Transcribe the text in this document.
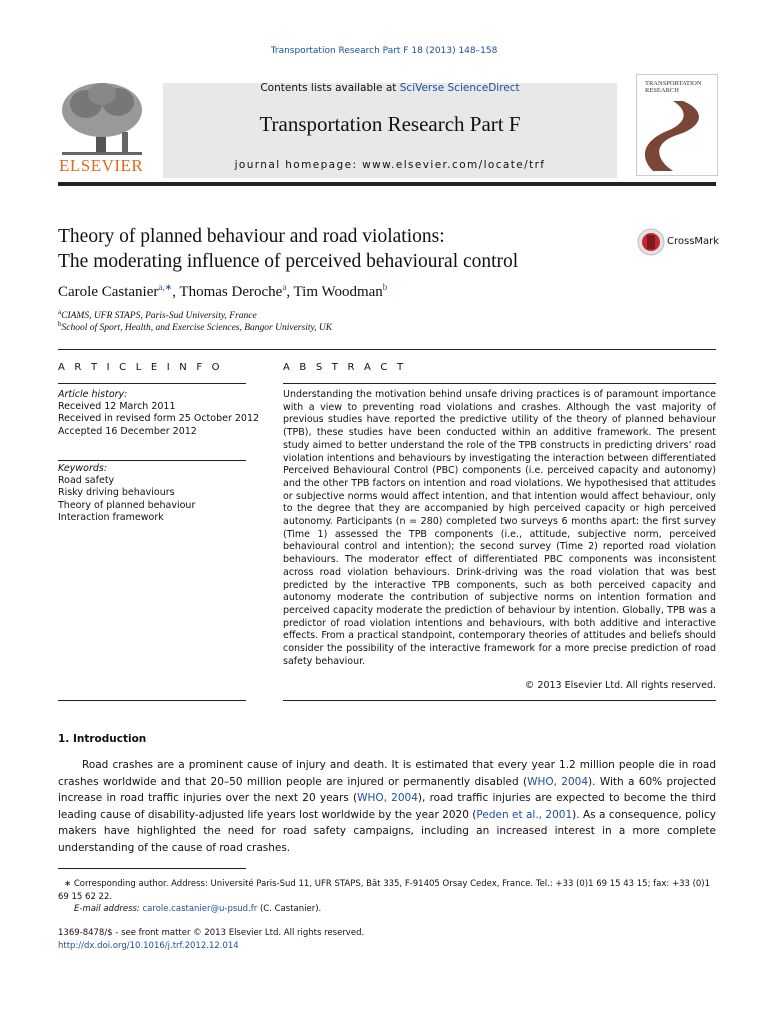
Transportation Research Part F 18 (2013) 148–158
ELSEVIER
Contents lists available at SciVerse ScienceDirect
Transportation Research Part F
journal homepage: www.elsevier.com/locate/trf
TRANSPORTATION RESEARCH
Theory of planned behaviour and road violations:
The moderating influence of perceived behavioural control
CrossMark
Carole Castanier$^{a,∗}$, Thomas Deroche$^a$, Tim Woodman$^b$
$^a$CIAMS, UFR STAPS, Paris-Sud University, France
$^b$School of Sport, Health, and Exercise Sciences, Bangor University, UK
A R T I C L E I N F O
Article history:
Received 12 March 2011
Received in revised form 25 October 2012
Accepted 16 December 2012
Keywords:
Road safety
Risky driving behaviours
Theory of planned behaviour
Interaction framework
A B S T R A C T
Understanding the motivation behind unsafe driving practices is of paramount importance with a view to preventing road violations and crashes. Although the vast majority of previous studies have reported the predictive utility of the theory of planned behaviour (TPB), these studies have been conducted within an additive framework. The present study aimed to better understand the role of the TPB constructs in predicting drivers’ road violation intentions and behaviours by investigating the interaction between differentiated Perceived Behavioural Control (PBC) components (i.e. perceived capacity and autonomy) and the other TPB factors on intention and road violations. We hypothesised that attitudes or subjective norms would affect intention, and that intention would affect behaviour, only to the degree that they are accompanied by high perceived capacity or high perceived autonomy. Participants (n = 280) completed two surveys 6 months apart: the first survey (Time 1) assessed the TPB components (i.e., attitude, subjective norm, perceived behavioural control and intention); the second survey (Time 2) reported road violation behaviours. The moderator effect of differentiated PBC components was inconsistent across road violation behaviours. Drink-driving was the road violation that was best predicted by the interactive TPB components, such as both perceived capacity and autonomy moderate the contribution of subjective norms on intention formation and perceived capacity moderate the prediction of behaviour by intention. Globally, TPB was a predictor of road violation intentions and behaviours, with both additive and interactive effects. From a practical standpoint, contemporary theories of attitudes and beliefs should consider the possibility of the interactive framework for a more precise prediction of road safety behaviour.
© 2013 Elsevier Ltd. All rights reserved.
1. Introduction
Road crashes are a prominent cause of injury and death. It is estimated that every year 1.2 million people die in road crashes worldwide and that 20–50 million people are injured or permanently disabled (WHO, 2004). With a 60% projected increase in road traffic injuries over the next 20 years (WHO, 2004), road traffic injuries are expected to become the third leading cause of disability-adjusted life years lost worldwide by the year 2020 (Peden et al., 2001). As a consequence, policy makers have highlighted the need for road safety campaigns, including an increased interest in a more complete understanding of the cause of road crashes.
∗ Corresponding author. Address: Université Paris-Sud 11, UFR STAPS, Bât 335, F-91405 Orsay Cedex, France. Tel.: +33 (0)1 69 15 43 15; fax: +33 (0)1 69 15 62 22.
E-mail address: carole.castanier@u-psud.fr (C. Castanier).
1369-8478/$ - see front matter © 2013 Elsevier Ltd. All rights reserved.
http://dx.doi.org/10.1016/j.trf.2012.12.014
